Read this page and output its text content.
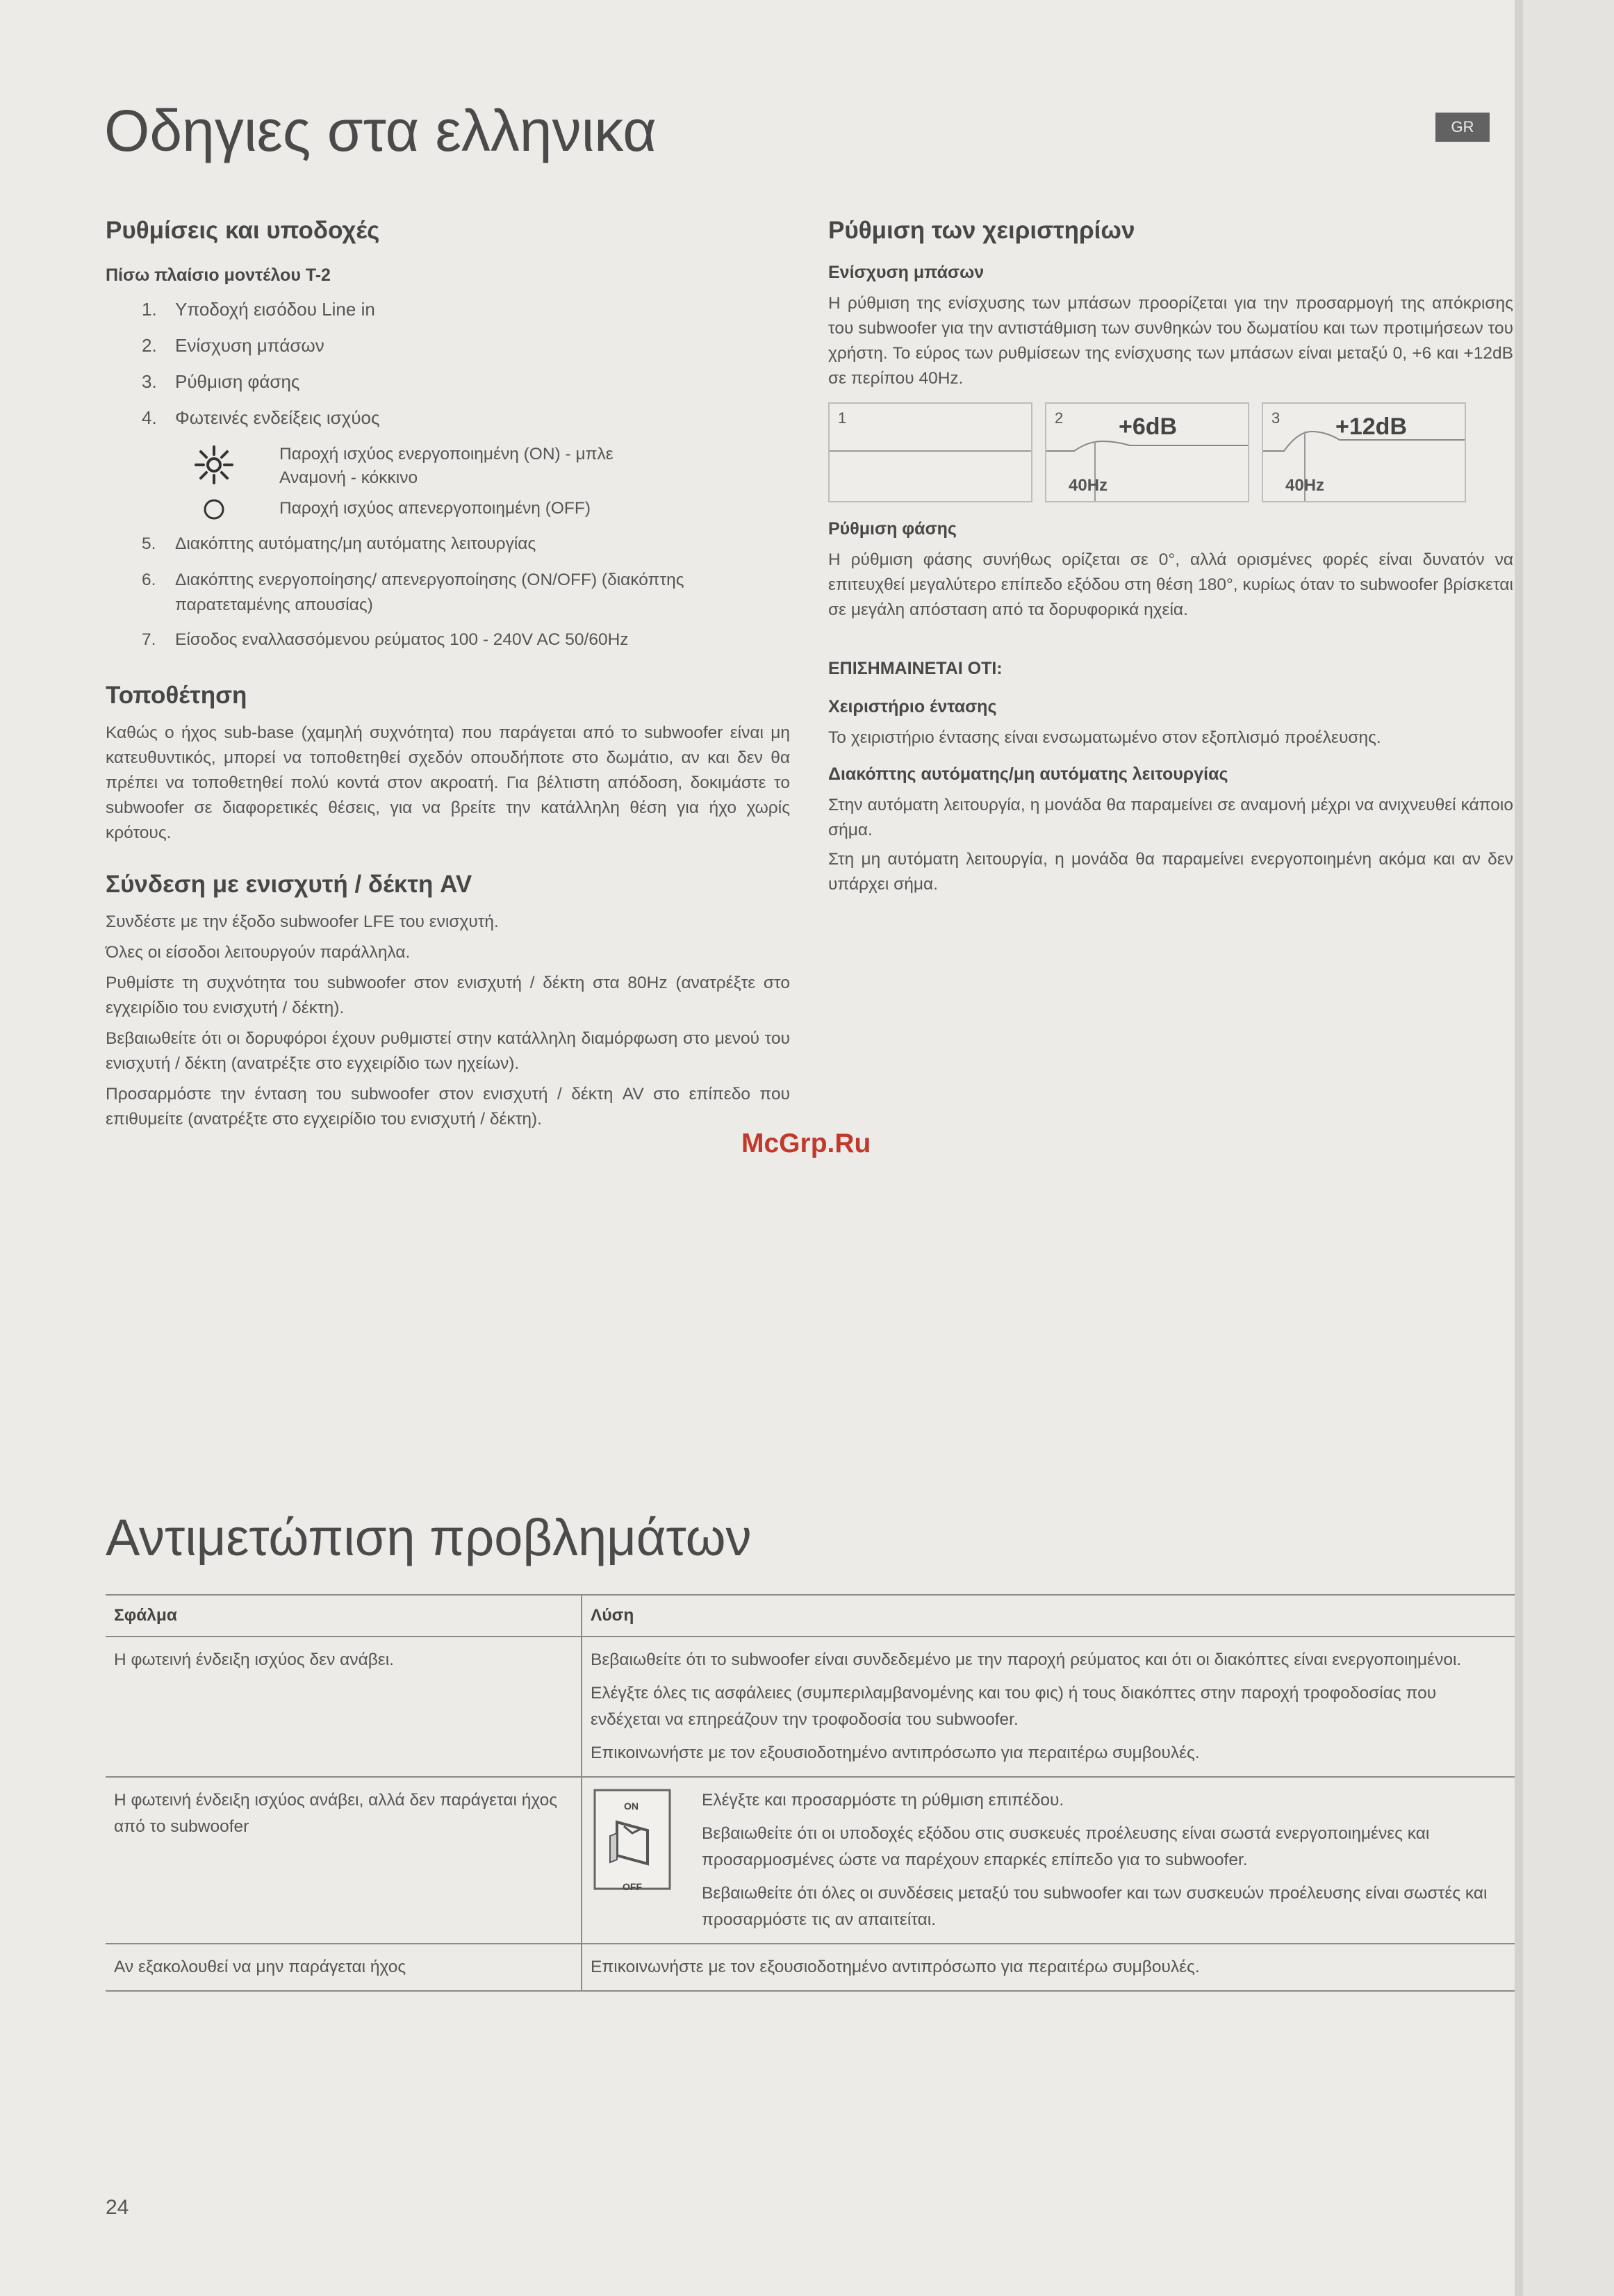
Οδηγιες στα ελληνικα	GR
Ρυθμίσεις και υποδοχές
Πίσω πλαίσιο μοντέλου T-2
1. Υποδοχή εισόδου Line in
2. Ενίσχυση μπάσων
3. Ρύθμιση φάσης
4. Φωτεινές ενδείξεις ισχύος
Παροχή ισχύος ενεργοποιημένη (ON) - μπλε
Αναμονή - κόκκινο
Παροχή ισχύος απενεργοποιημένη (OFF)
5. Διακόπτης αυτόματης/μη αυτόματης λειτουργίας
6. Διακόπτης ενεργοποίησης/ απενεργοποίησης (ON/OFF) (διακόπτης παρατεταμένης απουσίας)
7. Είσοδος εναλλασσόμενου ρεύματος 100 - 240V AC 50/60Hz
Τοποθέτηση

Καθώς ο ήχος sub-base (χαμηλή συχνότητα) που παράγεται από το subwoofer είναι μη κατευθυντικός, μπορεί να τοποθετηθεί σχεδόν οπουδήποτε στο δωμάτιο, αν και δεν θα πρέπει να τοποθετηθεί πολύ κοντά στον ακροατή. Για βέλτιστη απόδοση, δοκιμάστε το subwoofer σε διαφορετικές θέσεις, για να βρείτε την κατάλληλη θέση για ήχο χωρίς κρότους.

Σύνδεση με ενισχυτή / δέκτη AV

Συνδέστε με την έξοδο subwoofer LFE του ενισχυτή.

Όλες οι είσοδοι λειτουργούν παράλληλα.

Ρυθμίστε τη συχνότητα του subwoofer στον ενισχυτή / δέκτη στα 80Hz (ανατρέξτε στο εγχειρίδιο του ενισχυτή / δέκτη).

Βεβαιωθείτε ότι οι δορυφόροι έχουν ρυθμιστεί στην κατάλληλη διαμόρφωση στο μενού του ενισχυτή / δέκτη (ανατρέξτε στο εγχειρίδιο των ηχείων).

Προσαρμόστε την ένταση του subwoofer στον ενισχυτή / δέκτη AV στο επίπεδο που επιθυμείτε (ανατρέξτε στο εγχειρίδιο του ενισχυτή / δέκτη).

Ρύθμιση των χειριστηρίων
Ενίσχυση μπάσων

Η ρύθμιση της ενίσχυσης των μπάσων προορίζεται για την προσαρμογή της απόκρισης του subwoofer για την αντιστάθμιση των συνθηκών του δωματίου και των προτιμήσεων του χρήστη. Το εύρος των ρυθμίσεων της ενίσχυσης των μπάσων είναι μεταξύ 0, +6 και +12dB σε περίπου 40Hz.

1	2 +6dB
40Hz
3 +12dB
40Hz
Ρύθμιση φάσης

Η ρύθμιση φάσης συνήθως ορίζεται σε 0°, αλλά ορισμένες φορές είναι δυνατόν να επιτευχθεί μεγαλύτερο επίπεδο εξόδου στη θέση 180°, κυρίως όταν το subwoofer βρίσκεται σε μεγάλη απόσταση από τα δορυφορικά ηχεία.

ΕΠΙΣΗΜΑΙΝΕΤΑΙ ΟΤΙ:
Χειριστήριο έντασης

Το χειριστήριο έντασης είναι ενσωματωμένο στον εξοπλισμό προέλευσης.

Διακόπτης αυτόματης/μη αυτόματης λειτουργίας

Στην αυτόματη λειτουργία, η μονάδα θα παραμείνει σε αναμονή μέχρι να ανιχνευθεί κάποιο σήμα.

Στη μη αυτόματη λειτουργία, η μονάδα θα παραμείνει ενεργοποιημένη ακόμα και αν δεν υπάρχει σήμα.

Αντιμετώπιση προβλημάτων
Σφάλμα	Λύση
Η φωτεινή ένδειξη ισχύος δεν ανάβει.	Βεβαιωθείτε ότι το subwoofer είναι συνδεδεμένο με την παροχή ρεύματος και ότι οι διακόπτες είναι ενεργοποιημένοι.
Ελέγξτε όλες τις ασφάλειες (συμπεριλαμβανομένης και του φις) ή τους διακόπτες στην παροχή τροφοδοσίας που ενδέχεται να επηρεάζουν την τροφοδοσία του subwoofer.
Επικοινωνήστε με τον εξουσιοδοτημένο αντιπρόσωπο για περαιτέρω συμβουλές.

Η φωτεινή ένδειξη ισχύος ανάβει, αλλά δεν παράγεται ήχος από το subwoofer	ON
OFF
Ελέγξτε και προσαρμόστε τη ρύθμιση επιπέδου.
Βεβαιωθείτε ότι οι υποδοχές εξόδου στις συσκευές προέλευσης είναι σωστά ενεργοποιημένες και προσαρμοσμένες ώστε να παρέχουν επαρκές επίπεδο για το subwoofer.
Βεβαιωθείτε ότι όλες οι συνδέσεις μεταξύ του subwoofer και των συσκευών προέλευσης είναι σωστές και προσαρμόστε τις αν απαιτείται.

Αν εξακολουθεί να μην παράγεται ήχος	Επικοινωνήστε με τον εξουσιοδοτημένο αντιπρόσωπο για περαιτέρω συμβουλές.
24
McGrp.Ru
